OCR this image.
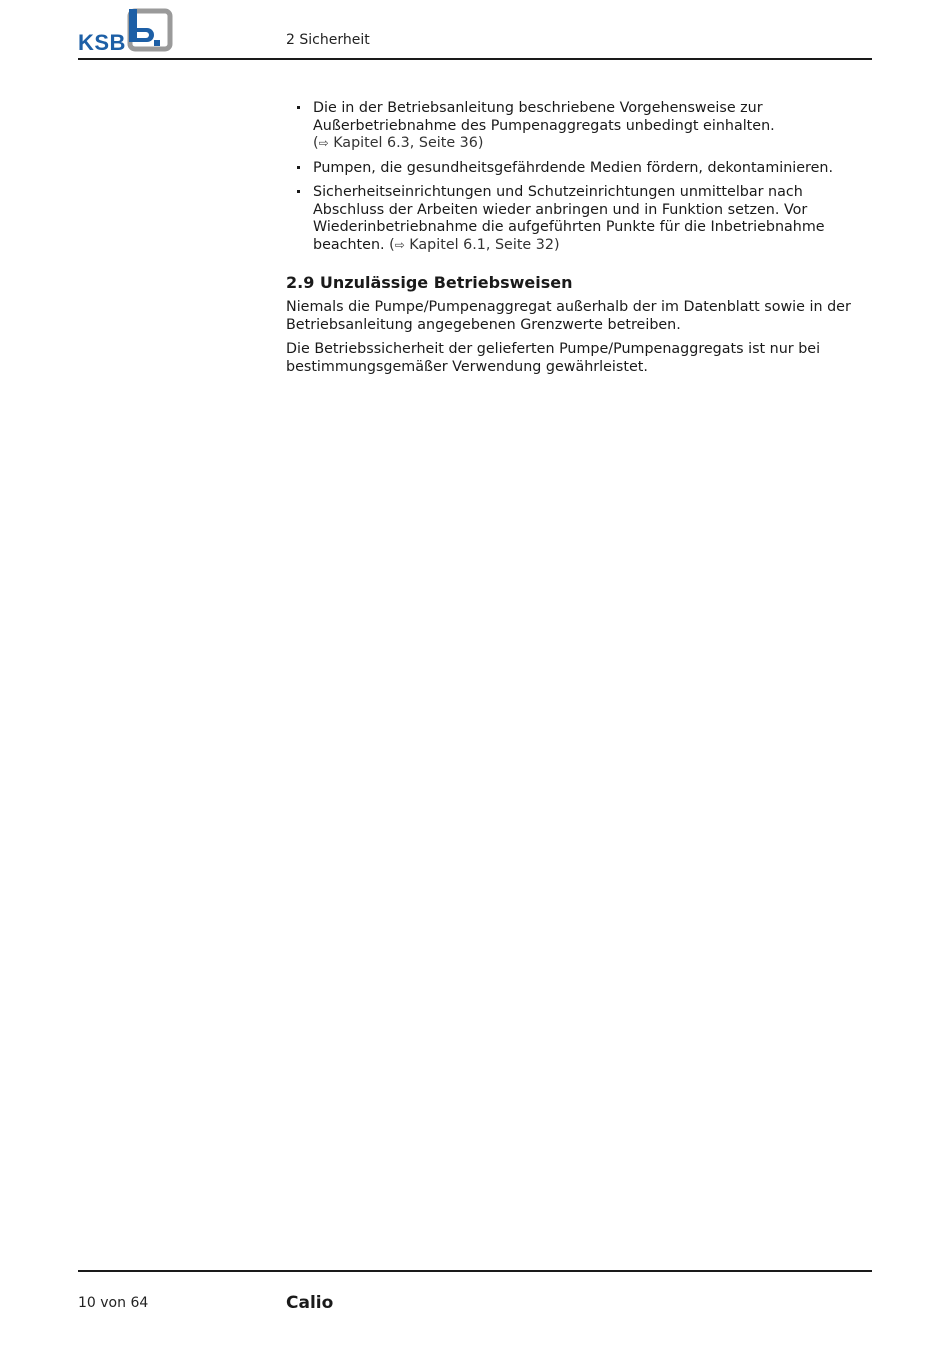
KSB	2 Sicherheit
Die in der Betriebsanleitung beschriebene Vorgehensweise zur Außerbetriebnahme des Pumpenaggregats unbedingt einhalten.
(⇨ Kapitel 6.3, Seite 36)
Pumpen, die gesundheitsgefährdende Medien fördern, dekontaminieren.
Sicherheitseinrichtungen und Schutzeinrichtungen unmittelbar nach Abschluss der Arbeiten wieder anbringen und in Funktion setzen. Vor Wiederinbetriebnahme die aufgeführten Punkte für die Inbetriebnahme beachten. (⇨ Kapitel 6.1, Seite 32)
2.9 Unzulässige Betriebsweisen

Niemals die Pumpe/Pumpenaggregat außerhalb der im Datenblatt sowie in der Betriebsanleitung angegebenen Grenzwerte betreiben.

Die Betriebssicherheit der gelieferten Pumpe/Pumpenaggregats ist nur bei bestimmungsgemäßer Verwendung gewährleistet.

10 von 64	Calio
